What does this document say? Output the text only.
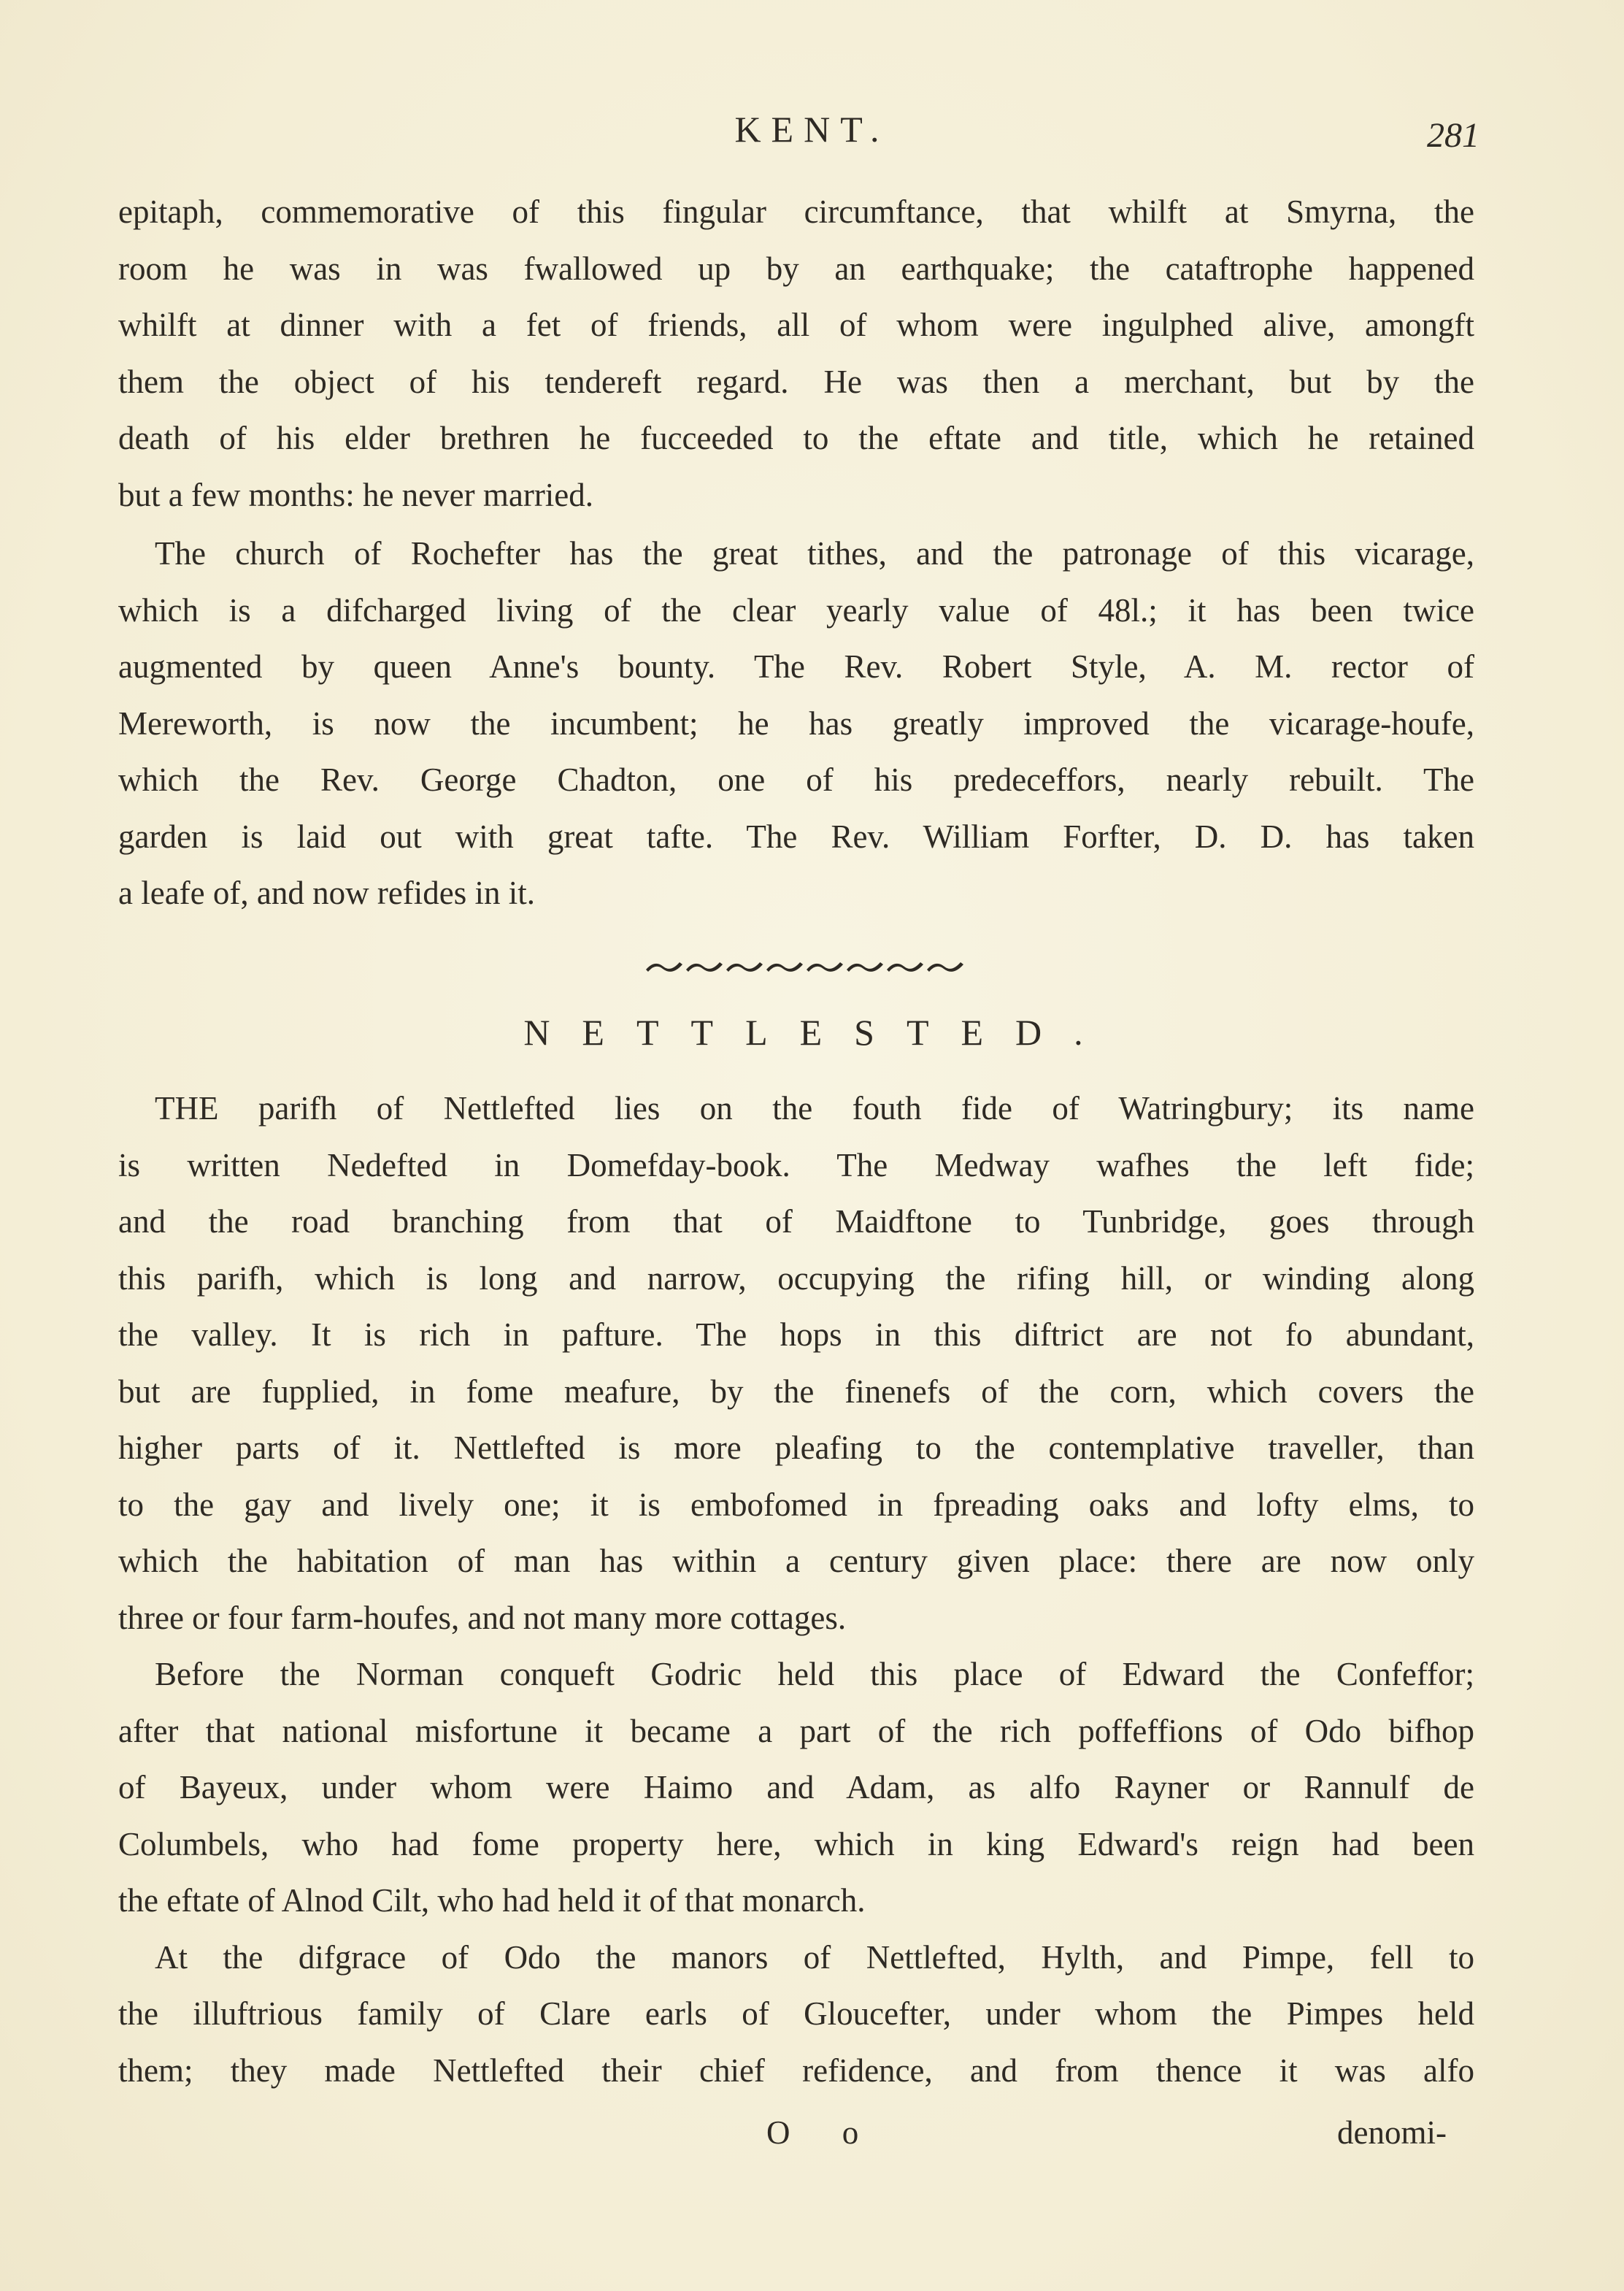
KENT.	281
epitaph, commemorative of this fingular circumftance, that whilft at Smyrna, the
room he was in was fwallowed up by an earthquake; the cataftrophe happened
whilft at dinner with a fet of friends, all of whom were ingulphed alive, amongft
them the object of his tendereft regard. He was then a merchant, but by the
death of his elder brethren he fucceeded to the eftate and title, which he retained
but a few months: he never married.
The church of Rochefter has the great tithes, and the patronage of this vicarage,
which is a difcharged living of the clear yearly value of 48l.; it has been twice
augmented by queen Anne's bounty. The Rev. Robert Style, A. M. rector of
Mereworth, is now the incumbent; he has greatly improved the vicarage-houfe,
which the Rev. George Chadton, one of his predeceffors, nearly rebuilt. The
garden is laid out with great tafte. The Rev. William Forfter, D. D. has taken
a leafe of, and now refides in it.
NETTLESTED.
THE parifh of Nettlefted lies on the fouth fide of Watringbury; its name
is written Nedefted in Domefday-book. The Medway wafhes the left fide;
and the road branching from that of Maidftone to Tunbridge, goes through
this parifh, which is long and narrow, occupying the rifing hill, or winding along
the valley. It is rich in pafture. The hops in this diftrict are not fo abundant,
but are fupplied, in fome meafure, by the finenefs of the corn, which covers the
higher parts of it. Nettlefted is more pleafing to the contemplative traveller, than
to the gay and lively one; it is embofomed in fpreading oaks and lofty elms, to
which the habitation of man has within a century given place: there are now only
three or four farm-houfes, and not many more cottages.
Before the Norman conqueft Godric held this place of Edward the Confeffor;
after that national misfortune it became a part of the rich poffeffions of Odo bifhop
of Bayeux, under whom were Haimo and Adam, as alfo Rayner or Rannulf de
Columbels, who had fome property here, which in king Edward's reign had been
the eftate of Alnod Cilt, who had held it of that monarch.
At the difgrace of Odo the manors of Nettlefted, Hylth, and Pimpe, fell to
the illuftrious family of Clare earls of Gloucefter, under whom the Pimpes held
them; they made Nettlefted their chief refidence, and from thence it was alfo
O o	denomi-
